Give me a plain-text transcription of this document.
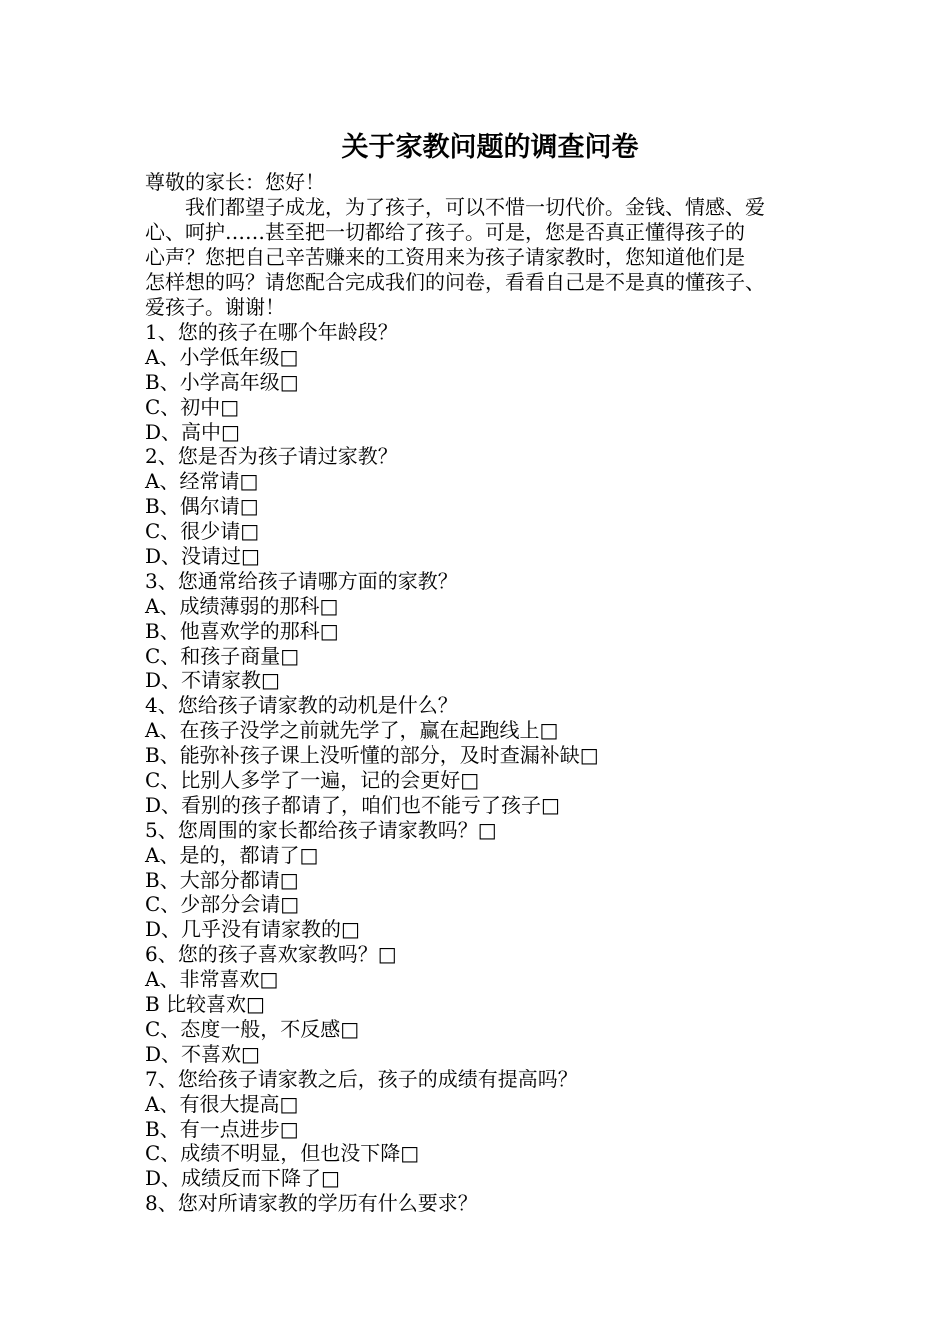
关于家教问题的调查问卷

尊敬的家长：您好！

我们都望子成龙，为了孩子，可以不惜一切代价。金钱、情感、爱
心、呵护……甚至把一切都给了孩子。可是，您是否真正懂得孩子的
心声？您把自己辛苦赚来的工资用来为孩子请家教时，您知道他们是
怎样想的吗？请您配合完成我们的问卷，看看自己是不是真的懂孩子、
爱孩子。谢谢！

1、您的孩子在哪个年龄段？

A、小学低年级□

B、小学高年级□

C、初中□

D、高中□

2、您是否为孩子请过家教？

A、经常请□

B、偶尔请□

C、很少请□

D、没请过□

3、您通常给孩子请哪方面的家教？

A、成绩薄弱的那科□

B、他喜欢学的那科□

C、和孩子商量□

D、不请家教□

4、您给孩子请家教的动机是什么？

A、在孩子没学之前就先学了，赢在起跑线上□

B、能弥补孩子课上没听懂的部分，及时查漏补缺□

C、比别人多学了一遍，记的会更好□

D、看别的孩子都请了，咱们也不能亏了孩子□

5、您周围的家长都给孩子请家教吗？□

A、是的，都请了□

B、大部分都请□

C、少部分会请□

D、几乎没有请家教的□

6、您的孩子喜欢家教吗？□

A、非常喜欢□

B 比较喜欢□

C、态度一般，不反感□

D、不喜欢□

7、您给孩子请家教之后，孩子的成绩有提高吗？

A、有很大提高□

B、有一点进步□

C、成绩不明显，但也没下降□

D、成绩反而下降了□

8、您对所请家教的学历有什么要求？
